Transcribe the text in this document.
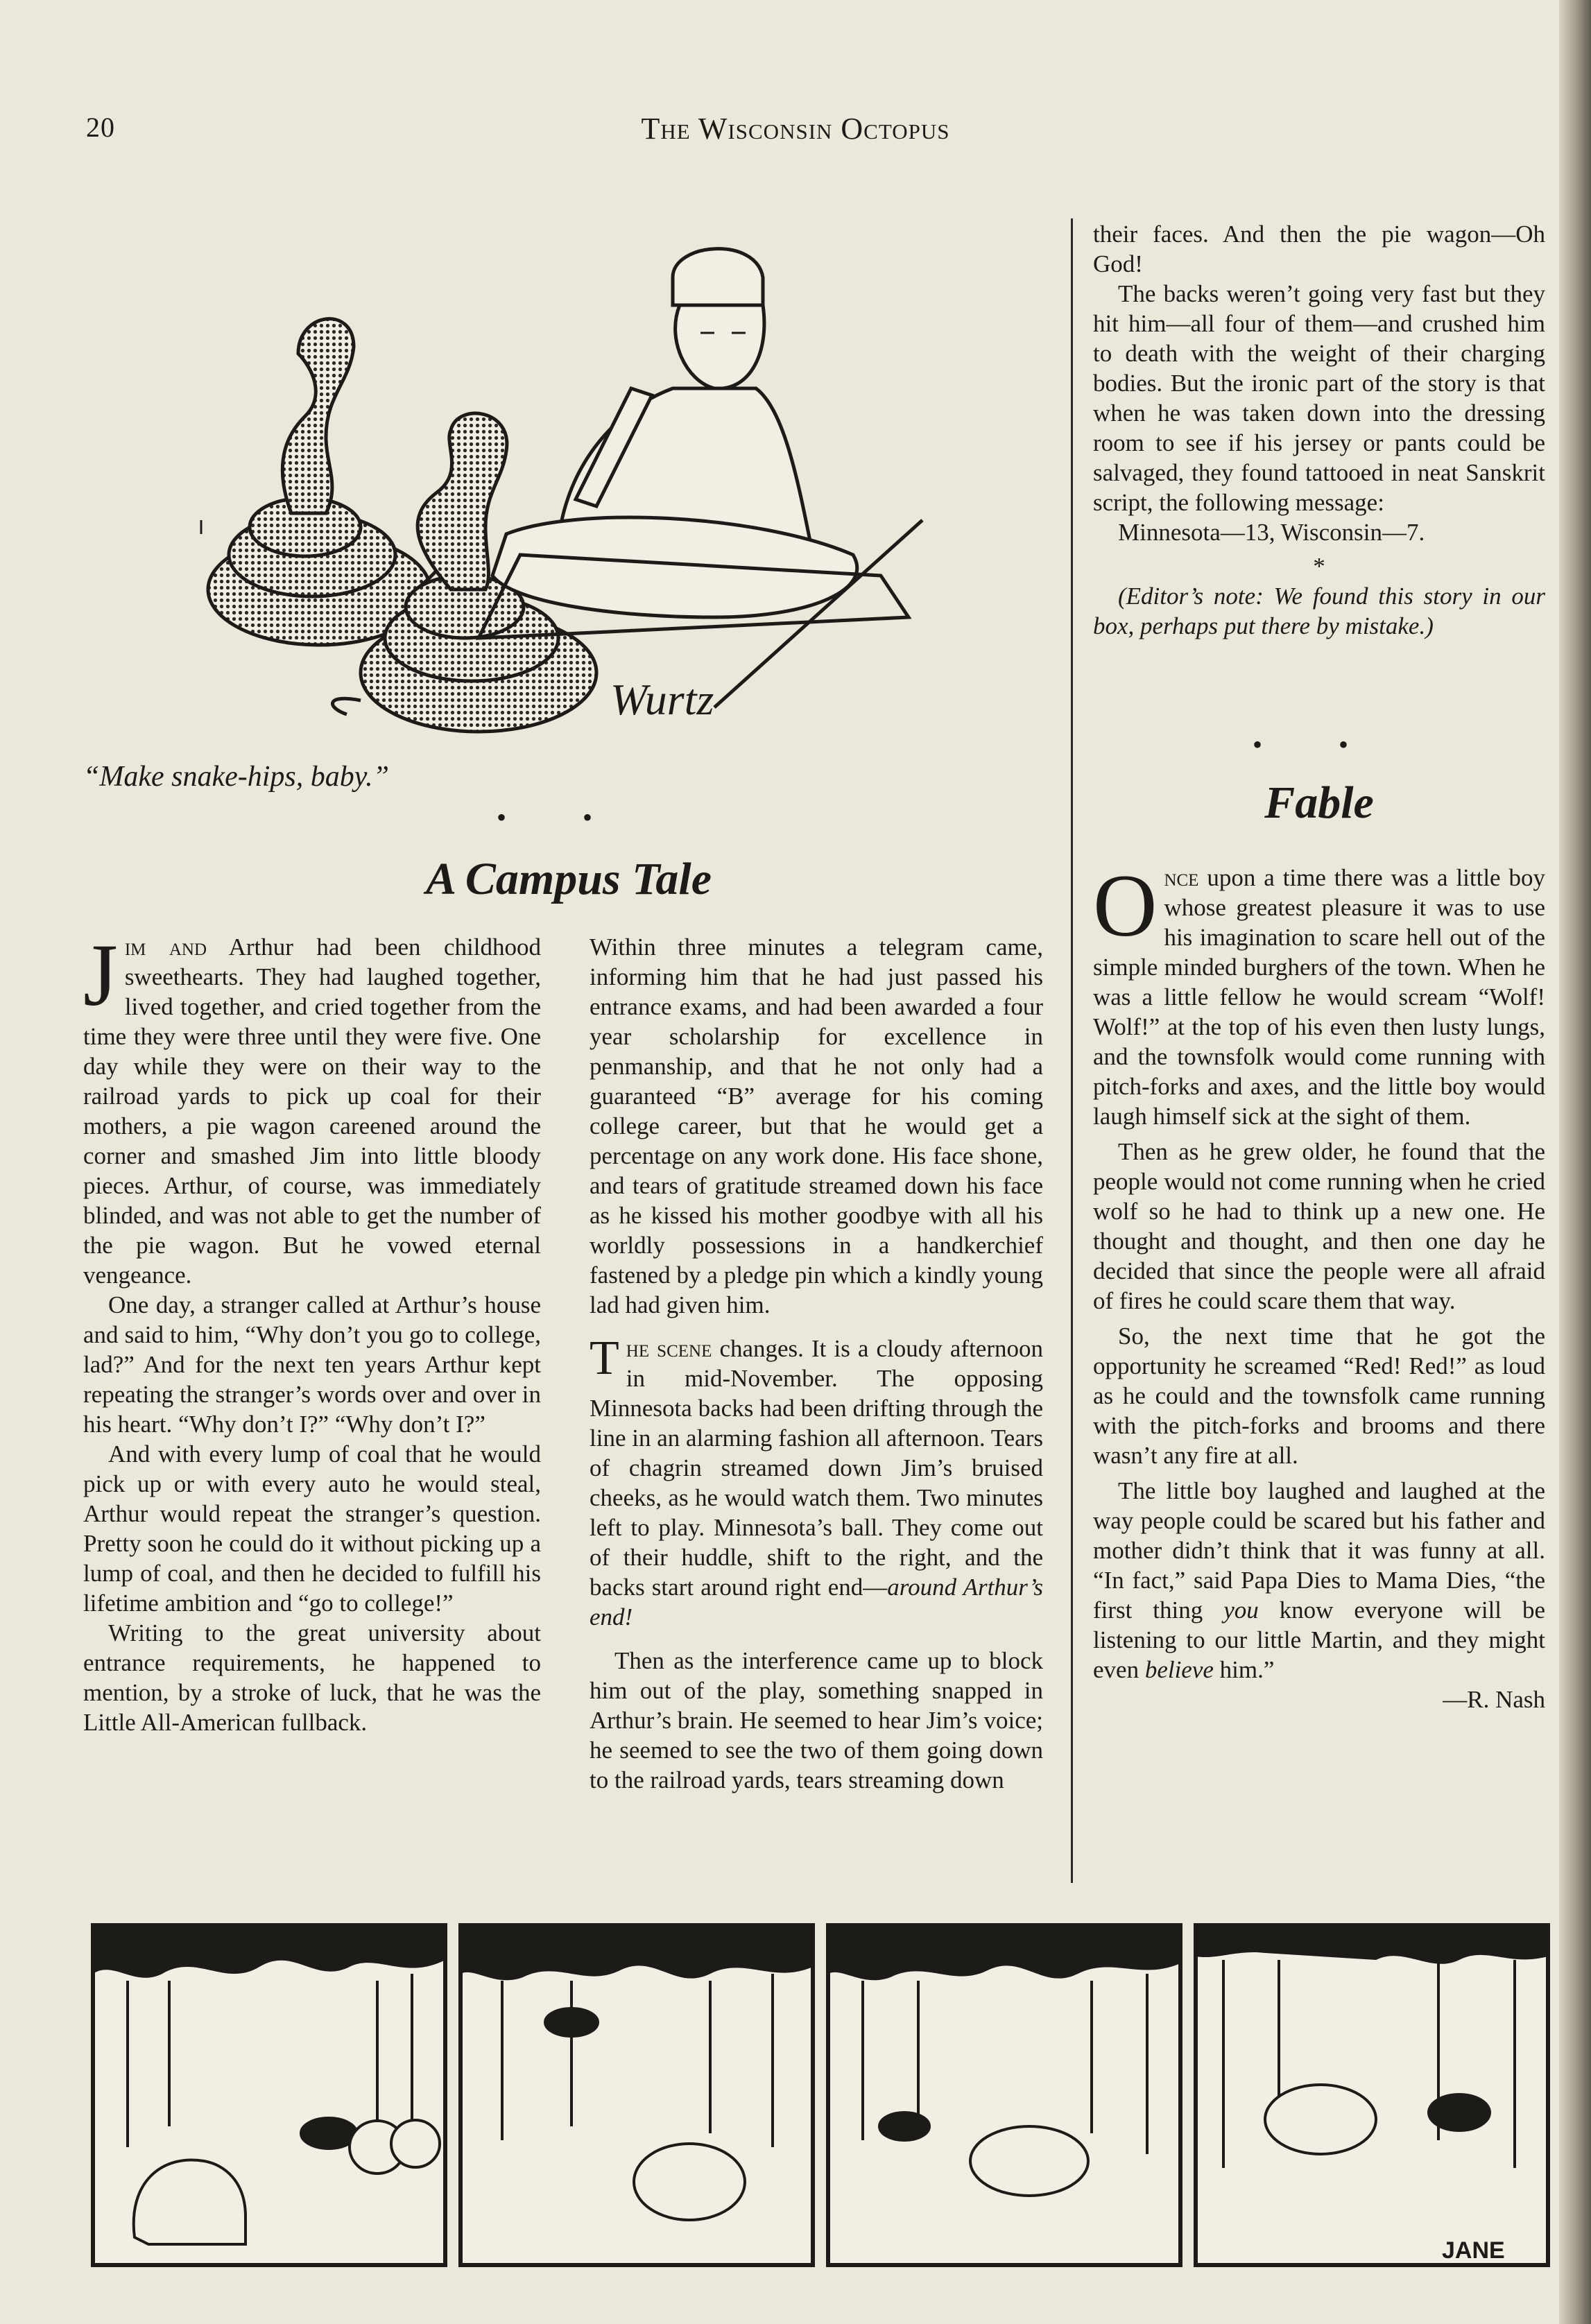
20	The Wisconsin Octopus
Wurtz
“Make snake-hips, baby.”
• •
A Campus Tale

Jim and Arthur had been childhood sweethearts. They had laughed together, lived together, and cried together from the time they were three until they were five. One day while they were on their way to the railroad yards to pick up coal for their mothers, a pie wagon careened around the corner and smashed Jim into little bloody pieces. Arthur, of course, was immediately blinded, and was not able to get the number of the pie wagon. But he vowed eternal vengeance.

One day, a stranger called at Arthur’s house and said to him, “Why don’t you go to college, lad?” And for the next ten years Arthur kept repeating the stranger’s words over and over in his heart. “Why don’t I?” “Why don’t I?”

And with every lump of coal that he would pick up or with every auto he would steal, Arthur would repeat the stranger’s question. Pretty soon he could do it without picking up a lump of coal, and then he decided to fulfill his lifetime ambition and “go to college!”

Writing to the great university about entrance requirements, he happened to mention, by a stroke of luck, that he was the Little All-American fullback.

Within three minutes a telegram came, informing him that he had just passed his entrance exams, and had been awarded a four year scholarship for excellence in penmanship, and that he not only had a guaranteed “B” average for his coming college career, but that he would get a percentage on any work done. His face shone, and tears of gratitude streamed down his face as he kissed his mother goodbye with all his worldly possessions in a handkerchief fastened by a pledge pin which a kindly young lad had given him.

The scene changes. It is a cloudy afternoon in mid-November. The opposing Minnesota backs had been drifting through the line in an alarming fashion all afternoon. Tears of chagrin streamed down Jim’s bruised cheeks, as he would watch them. Two minutes left to play. Minnesota’s ball. They come out of their huddle, shift to the right, and the backs start around right end—around Arthur’s end!

Then as the interference came up to block him out of the play, something snapped in Arthur’s brain. He seemed to hear Jim’s voice; he seemed to see the two of them going down to the railroad yards, tears streaming down

their faces. And then the pie wagon—Oh God!

The backs weren’t going very fast but they hit him—all four of them—and crushed him to death with the weight of their charging bodies. But the ironic part of the story is that when he was taken down into the dressing room to see if his jersey or pants could be salvaged, they found tattooed in neat Sanskrit script, the following message:

Minnesota—13, Wisconsin—7.

*

(Editor’s note: We found this story in our box, perhaps put there by mistake.)

• •
Fable

Once upon a time there was a little boy whose greatest pleasure it was to use his imagination to scare hell out of the simple minded burghers of the town. When he was a little fellow he would scream “Wolf! Wolf!” at the top of his even then lusty lungs, and the townsfolk would come running with pitch-forks and axes, and the little boy would laugh himself sick at the sight of them.

Then as he grew older, he found that the people would not come running when he cried wolf so he had to think up a new one. He thought and thought, and then one day he decided that since the people were all afraid of fires he could scare them that way.

So, the next time that he got the opportunity he screamed “Red! Red!” as loud as he could and the townsfolk came running with the pitch-forks and brooms and there wasn’t any fire at all.

The little boy laughed and laughed at the way people could be scared but his father and mother didn’t think that it was funny at all. “In fact,” said Papa Dies to Mama Dies, “the first thing you know everyone will be listening to our little Martin, and they might even believe him.”

—R. Nash

JANE
